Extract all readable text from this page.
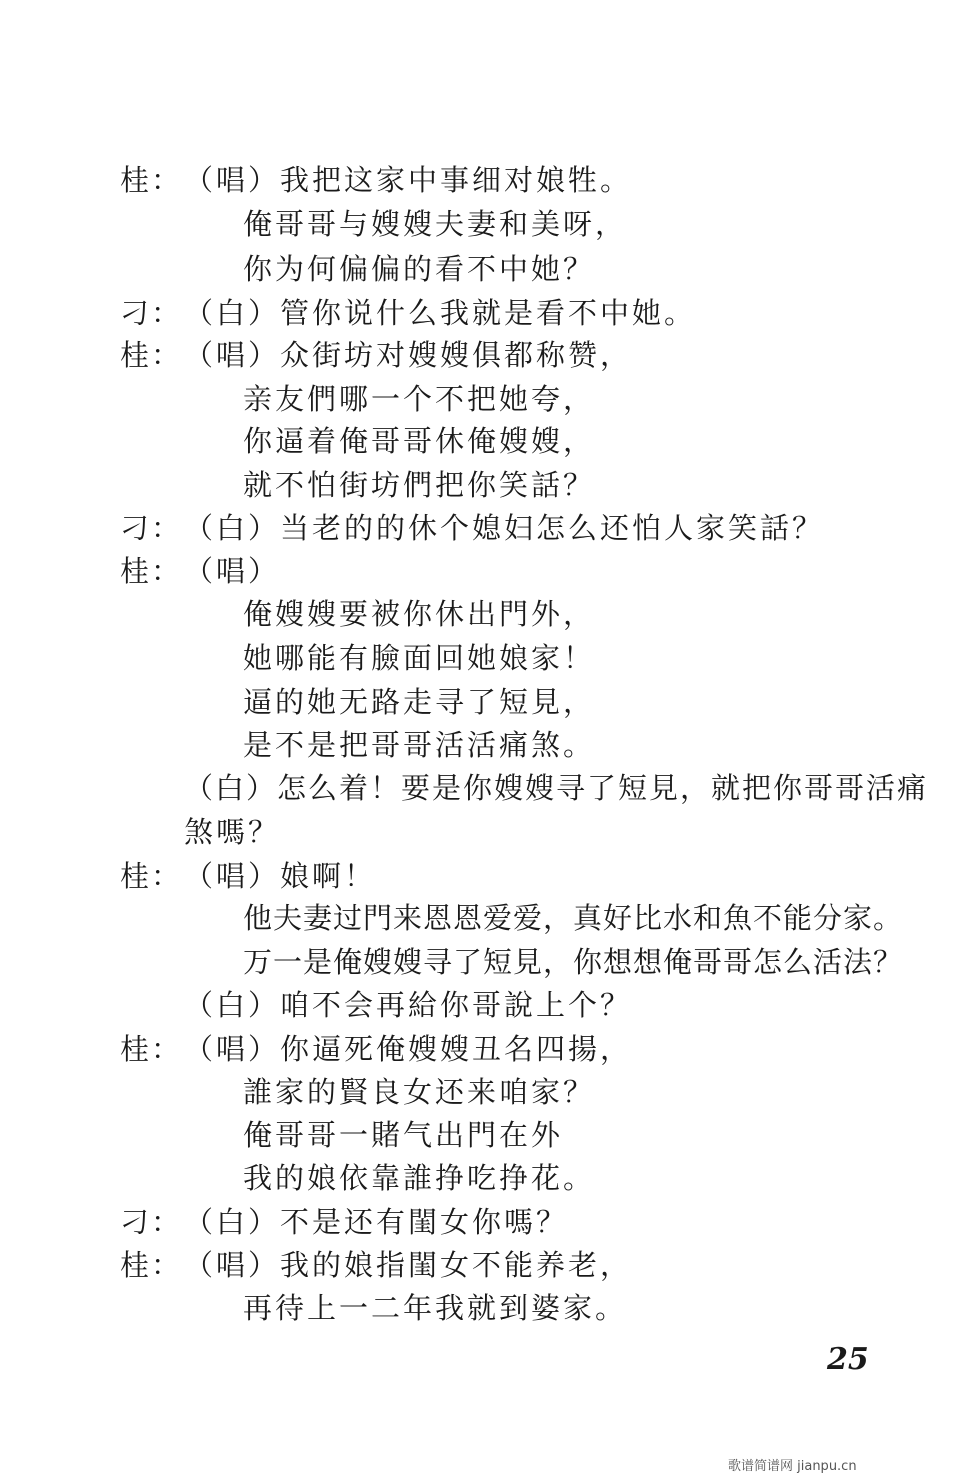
桂： （唱）我把这家中事细对娘牲。
俺哥哥与嫂嫂夫妻和美呀，
你为何偏偏的看不中她？
刁： （白）管你说什么我就是看不中她。
桂： （唱）众街坊对嫂嫂俱都称赞，
亲友們哪一个不把她夸，
你逼着俺哥哥休俺嫂嫂，
就不怕街坊們把你笑話？
刁： （白）当老的的休个媳妇怎么还怕人家笑話？
桂： （唱）
俺嫂嫂要被你休出門外，
她哪能有臉面回她娘家！
逼的她无路走寻了短見，
是不是把哥哥活活痛煞。
（白）怎么着！要是你嫂嫂寻了短見，就把你哥哥活痛
煞嗎？
桂： （唱）娘啊！
他夫妻过門来恩恩爱爱，真好比水和魚不能分家。
万一是俺嫂嫂寻了短見，你想想俺哥哥怎么活法？
（白）咱不会再給你哥說上个？
桂： （唱）你逼死俺嫂嫂丑名四揚，
誰家的賢良女还来咱家？
俺哥哥一賭气出門在外
我的娘依靠誰挣吃挣花。
刁： （白）不是还有閨女你嗎？
桂： （唱）我的娘指閨女不能养老，
再待上一二年我就到婆家。
25
歌谱简谱网 jianpu.cn
